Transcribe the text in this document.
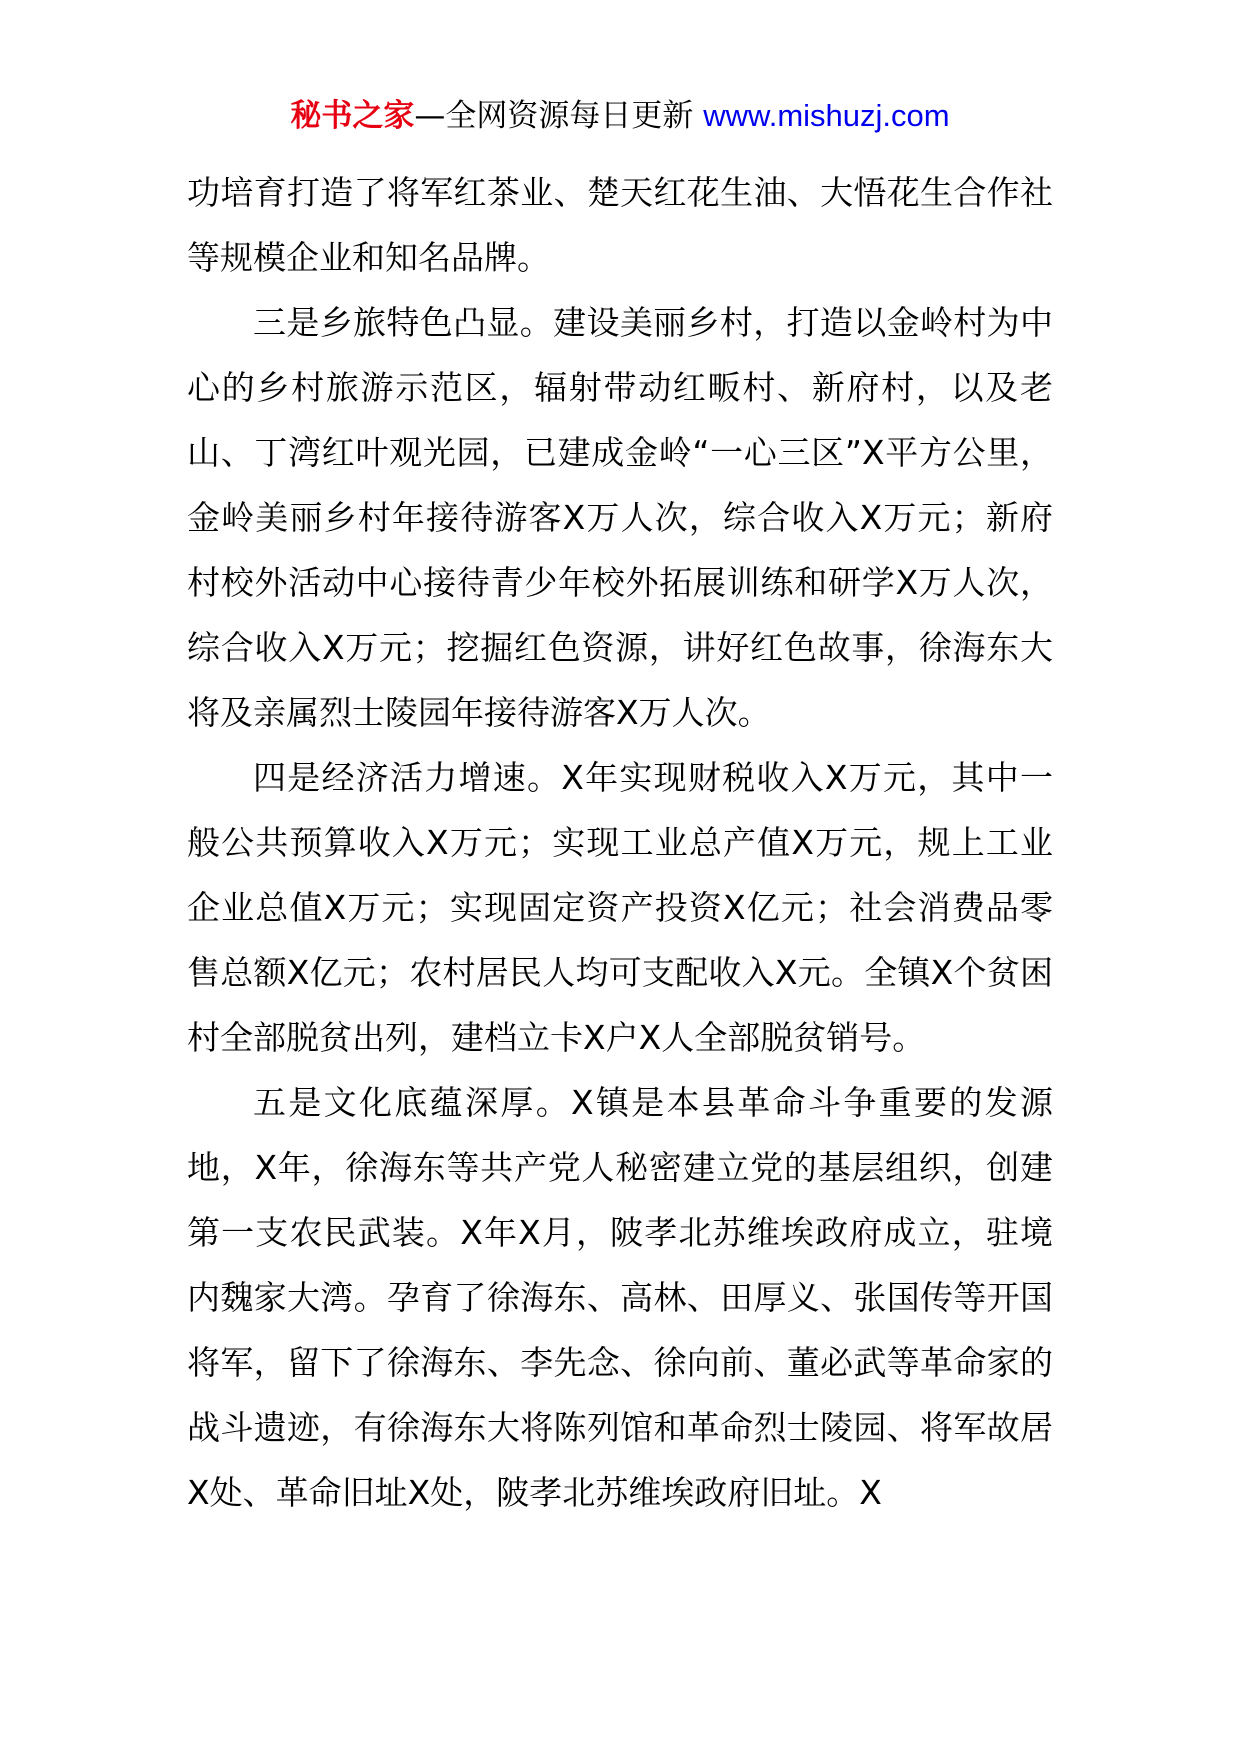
秘书之家—全网资源每日更新 www.mishuzj.com

功培育打造了将军红茶业、楚天红花生油、大悟花生合作社等规模企业和知名品牌。

三是乡旅特色凸显。建设美丽乡村，打造以金岭村为中心的乡村旅游示范区，辐射带动红畈村、新府村，以及老山、丁湾红叶观光园，已建成金岭“一心三区”X平方公里，金岭美丽乡村年接待游客X万人次，综合收入X万元；新府村校外活动中心接待青少年校外拓展训练和研学X万人次，综合收入X万元；挖掘红色资源，讲好红色故事，徐海东大将及亲属烈士陵园年接待游客X万人次。

四是经济活力增速。X年实现财税收入X万元，其中一般公共预算收入X万元；实现工业总产值X万元，规上工业企业总值X万元；实现固定资产投资X亿元；社会消费品零售总额X亿元；农村居民人均可支配收入X元。全镇X个贫困村全部脱贫出列，建档立卡X户X人全部脱贫销号。

五是文化底蕴深厚。X镇是本县革命斗争重要的发源地，X年，徐海东等共产党人秘密建立党的基层组织，创建第一支农民武装。X年X月，陂孝北苏维埃政府成立，驻境内魏家大湾。孕育了徐海东、高林、田厚义、张国传等开国将军，留下了徐海东、李先念、徐向前、董必武等革命家的战斗遗迹，有徐海东大将陈列馆和革命烈士陵园、将军故居X处、革命旧址X处，陂孝北苏维埃政府旧址。X
